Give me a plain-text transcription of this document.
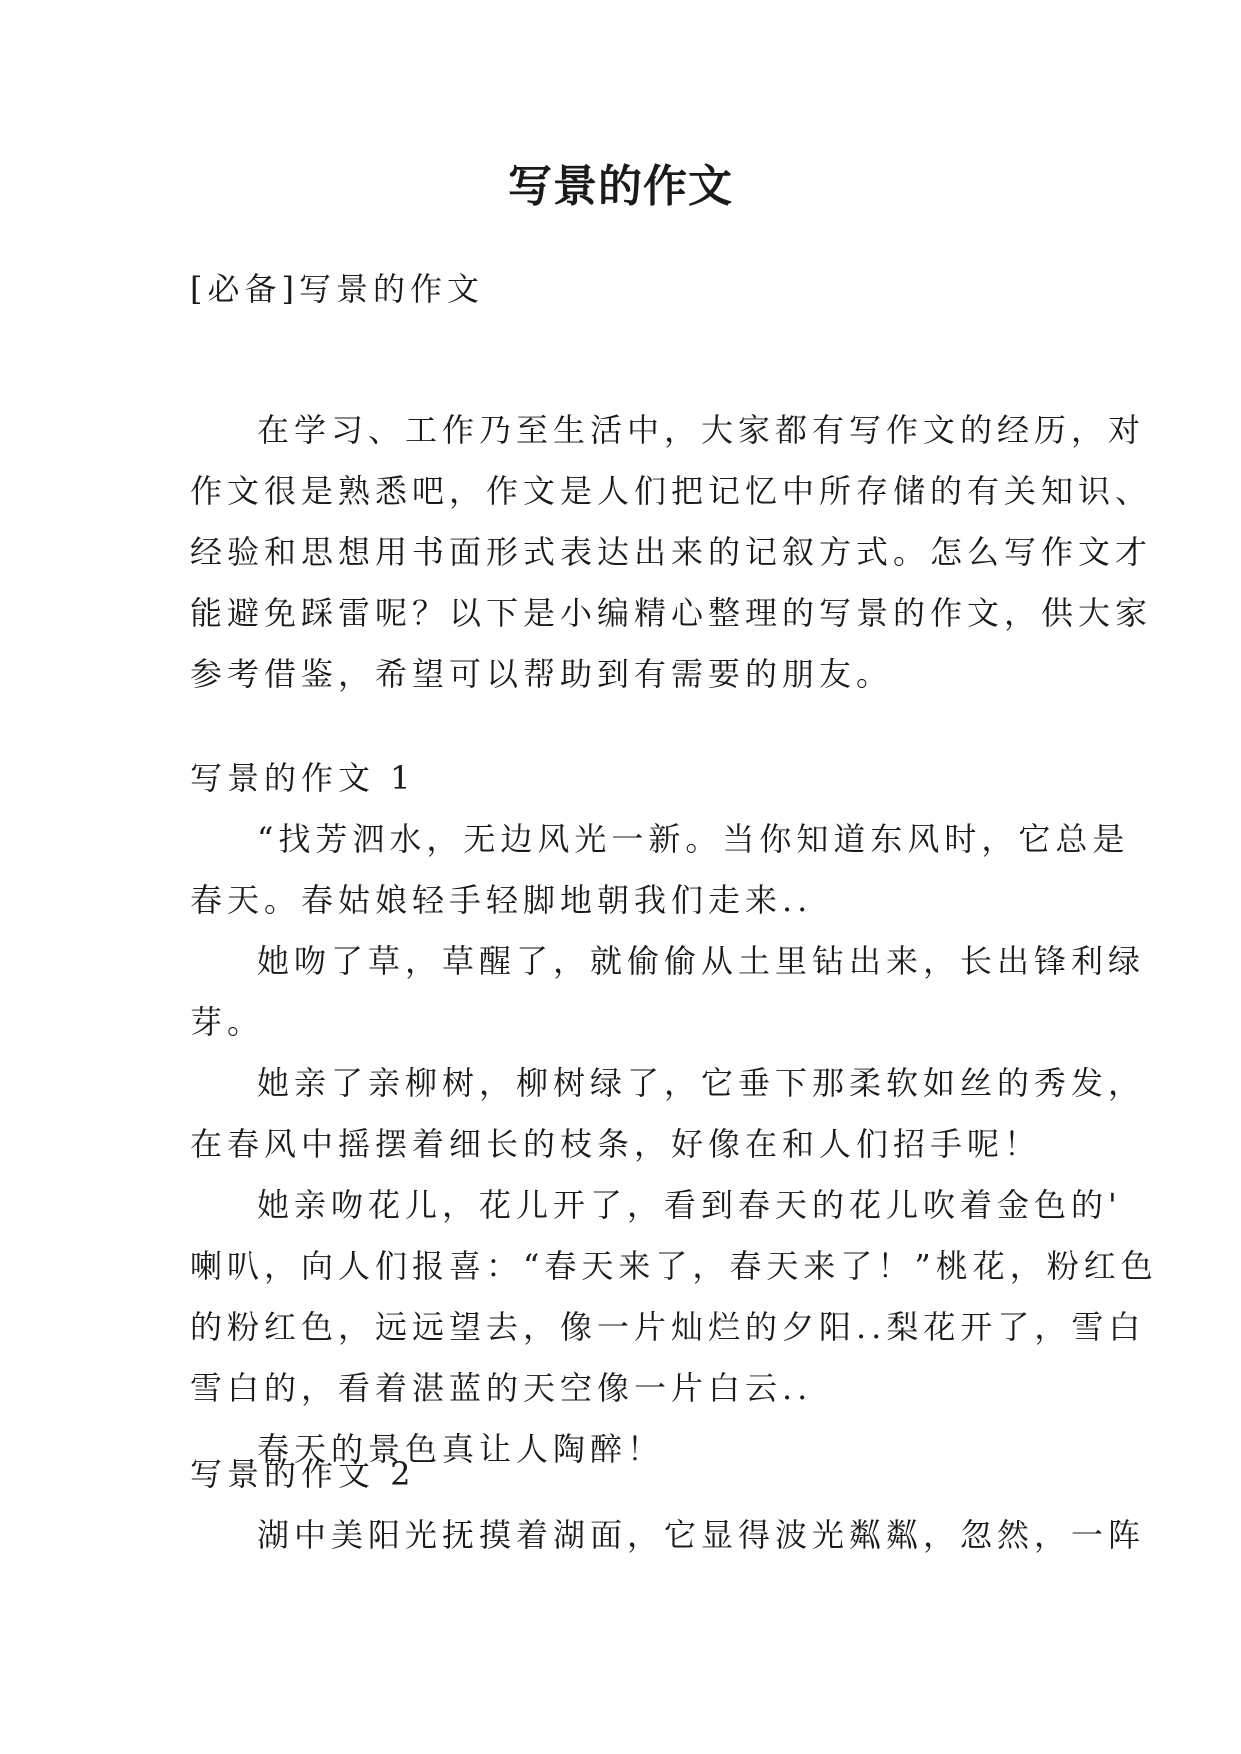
写景的作文

[必备]写景的作文

在学习、工作乃至生活中，大家都有写作文的经历，对
作文很是熟悉吧，作文是人们把记忆中所存储的有关知识、
经验和思想用书面形式表达出来的记叙方式。怎么写作文才
能避免踩雷呢？以下是小编精心整理的写景的作文，供大家
参考借鉴，希望可以帮助到有需要的朋友。

写景的作文 1

“找芳泗水，无边风光一新。当你知道东风时，它总是
春天。春姑娘轻手轻脚地朝我们走来..
她吻了草，草醒了，就偷偷从土里钻出来，长出锋利绿
芽。
她亲了亲柳树，柳树绿了，它垂下那柔软如丝的秀发，
在春风中摇摆着细长的枝条，好像在和人们招手呢！
她亲吻花儿，花儿开了，看到春天的花儿吹着金色的'
喇叭，向人们报喜：“春天来了，春天来了！”桃花，粉红色
的粉红色，远远望去，像一片灿烂的夕阳..梨花开了，雪白
雪白的，看着湛蓝的天空像一片白云..
春天的景色真让人陶醉！

写景的作文 2

湖中美阳光抚摸着湖面，它显得波光粼粼，忽然，一阵
